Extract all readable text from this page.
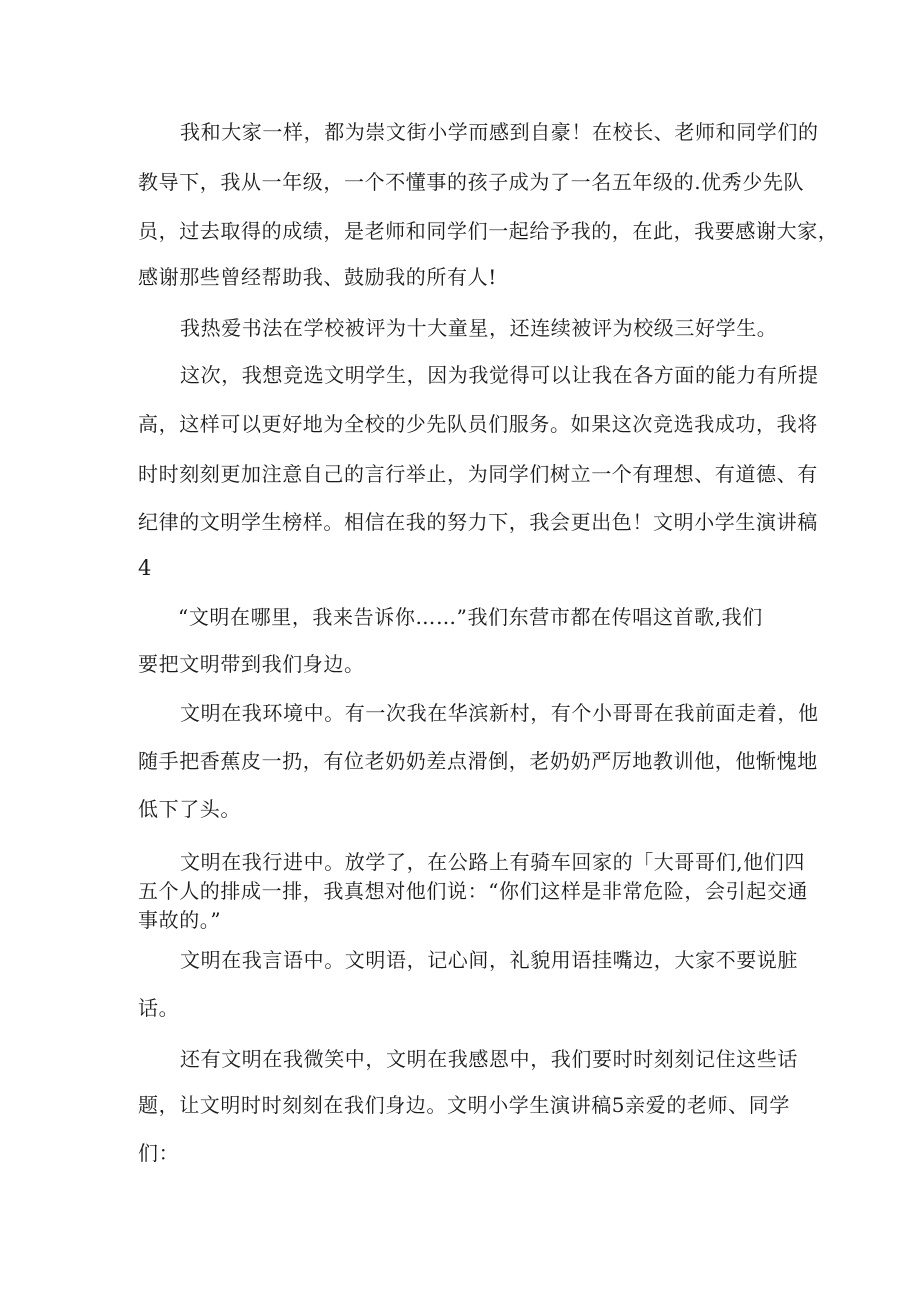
我和大家一样，都为崇文街小学而感到自豪！在校长、老师和同学们的
教导下，我从一年级，一个不懂事的孩子成为了一名五年级的.优秀少先队
员，过去取得的成绩，是老师和同学们一起给予我的，在此，我要感谢大家，
感谢那些曾经帮助我、鼓励我的所有人!
我热爱书法在学校被评为十大童星，还连续被评为校级三好学生。
这次，我想竞选文明学生，因为我觉得可以让我在各方面的能力有所提
高，这样可以更好地为全校的少先队员们服务。如果这次竞选我成功，我将
时时刻刻更加注意自己的言行举止，为同学们树立一个有理想、有道德、有
纪律的文明学生榜样。相信在我的努力下，我会更出色！文明小学生演讲稿
4
“文明在哪里，我来告诉你……”我们东营市都在传唱这首歌,我们
要把文明带到我们身边。
文明在我环境中。有一次我在华滨新村，有个小哥哥在我前面走着，他
随手把香蕉皮一扔，有位老奶奶差点滑倒，老奶奶严厉地教训他，他惭愧地
低下了头。
文明在我行进中。放学了，在公路上有骑车回家的「大哥哥们,他们四
五个人的排成一排，我真想对他们说：“你们这样是非常危险，会引起交通
事故的。”
文明在我言语中。文明语，记心间，礼貌用语挂嘴边，大家不要说脏
话。
还有文明在我微笑中，文明在我感恩中，我们要时时刻刻记住这些话
题，让文明时时刻刻在我们身边。文明小学生演讲稿5亲爱的老师、同学
们：
